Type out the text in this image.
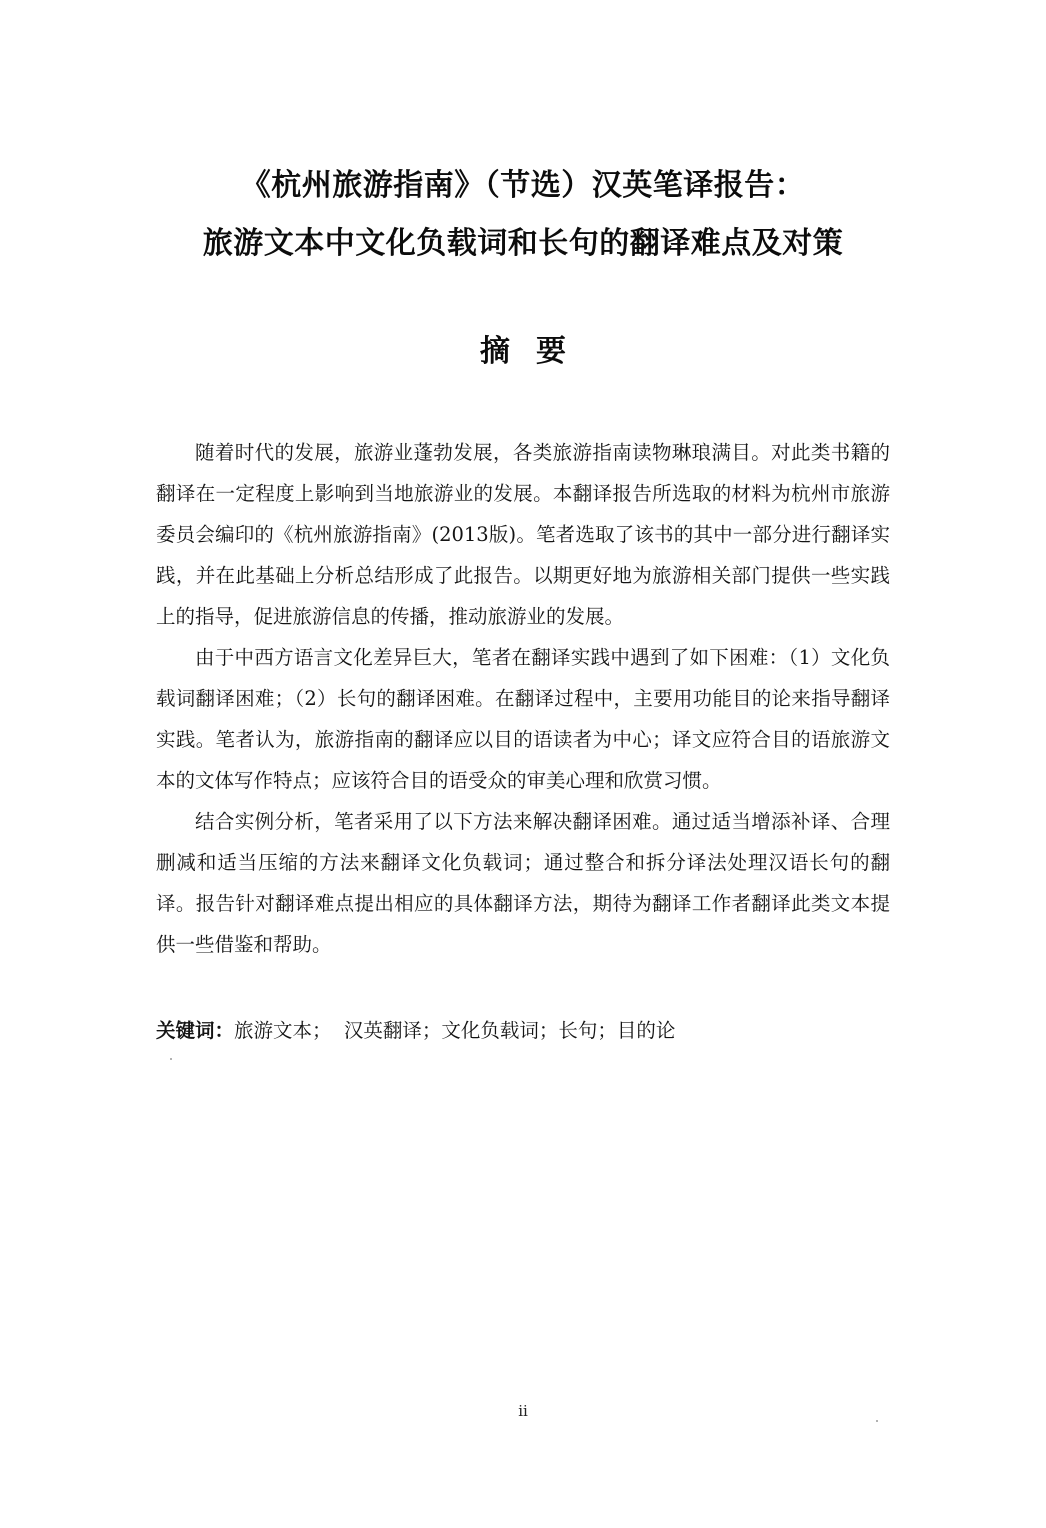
《杭州旅游指南》（节选）汉英笔译报告：
旅游文本中文化负载词和长句的翻译难点及对策
摘要

随着时代的发展，旅游业蓬勃发展，各类旅游指南读物琳琅满目。对此类书籍的翻译在一定程度上影响到当地旅游业的发展。本翻译报告所选取的材料为杭州市旅游委员会编印的《杭州旅游指南》(2013版)。笔者选取了该书的其中一部分进行翻译实践，并在此基础上分析总结形成了此报告。以期更好地为旅游相关部门提供一些实践上的指导，促进旅游信息的传播，推动旅游业的发展。

由于中西方语言文化差异巨大，笔者在翻译实践中遇到了如下困难：（1）文化负载词翻译困难；（2）长句的翻译困难。在翻译过程中，主要用功能目的论来指导翻译实践。笔者认为，旅游指南的翻译应以目的语读者为中心；译文应符合目的语旅游文本的文体写作特点；应该符合目的语受众的审美心理和欣赏习惯。

结合实例分析，笔者采用了以下方法来解决翻译困难。通过适当增添补译、合理删减和适当压缩的方法来翻译文化负载词；通过整合和拆分译法处理汉语长句的翻译。报告针对翻译难点提出相应的具体翻译方法，期待为翻译工作者翻译此类文本提供一些借鉴和帮助。

关键词：旅游文本；  汉英翻译；文化负载词；长句；目的论
ii
